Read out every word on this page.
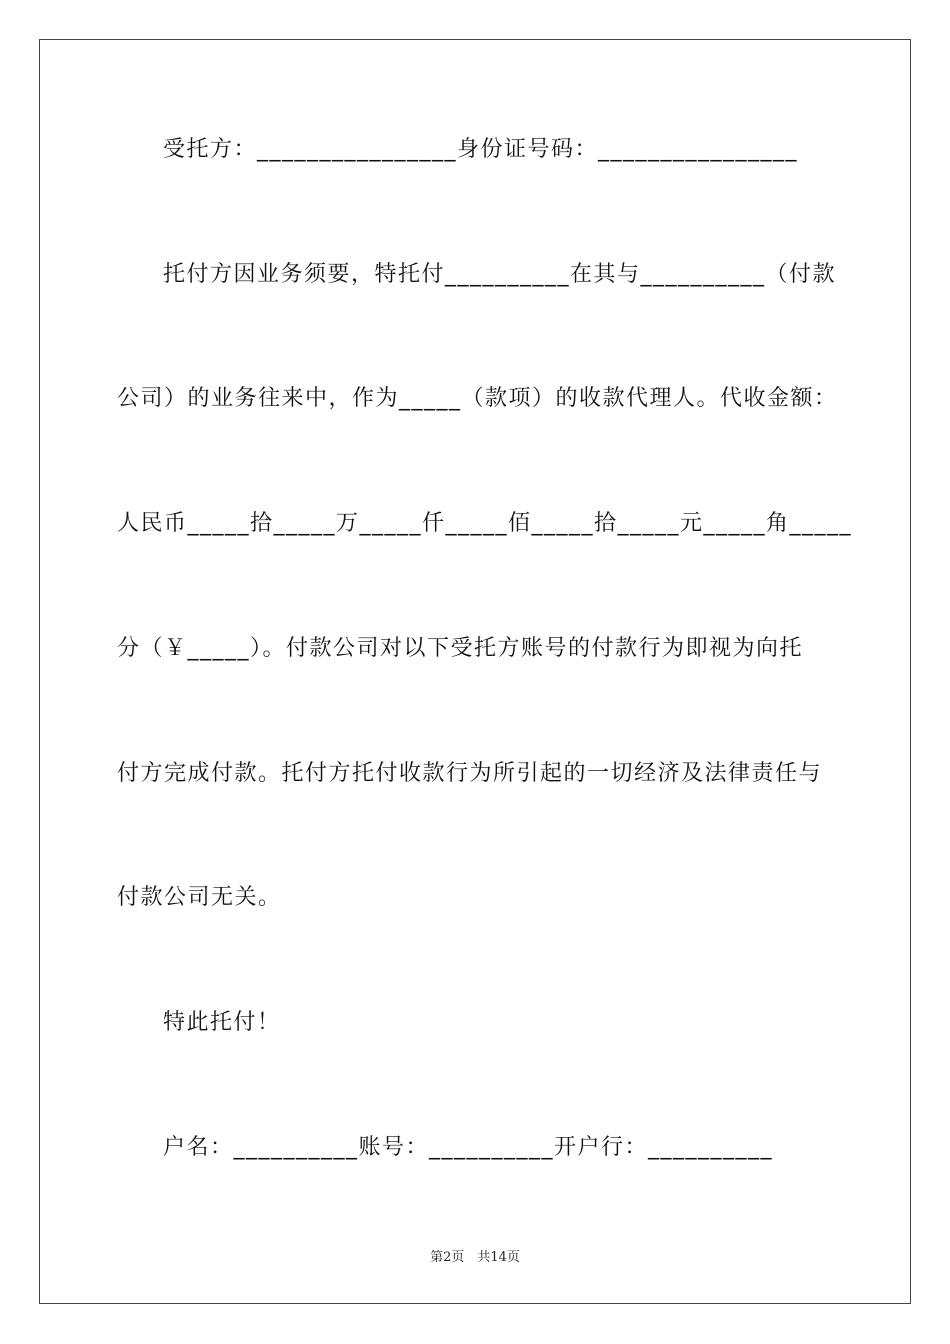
受托方：________________身份证号码：________________
托付方因业务须要，特托付__________在其与__________（付款
公司）的业务往来中，作为_____（款项）的收款代理人。代收金额：
人民币_____拾_____万_____仟_____佰_____拾_____元_____角_____
分（￥_____）。付款公司对以下受托方账号的付款行为即视为向托
付方完成付款。托付方托付收款行为所引起的一切经济及法律责任与
付款公司无关。
特此托付！
户名：__________账号：__________开户行：__________
第2页　共14页
